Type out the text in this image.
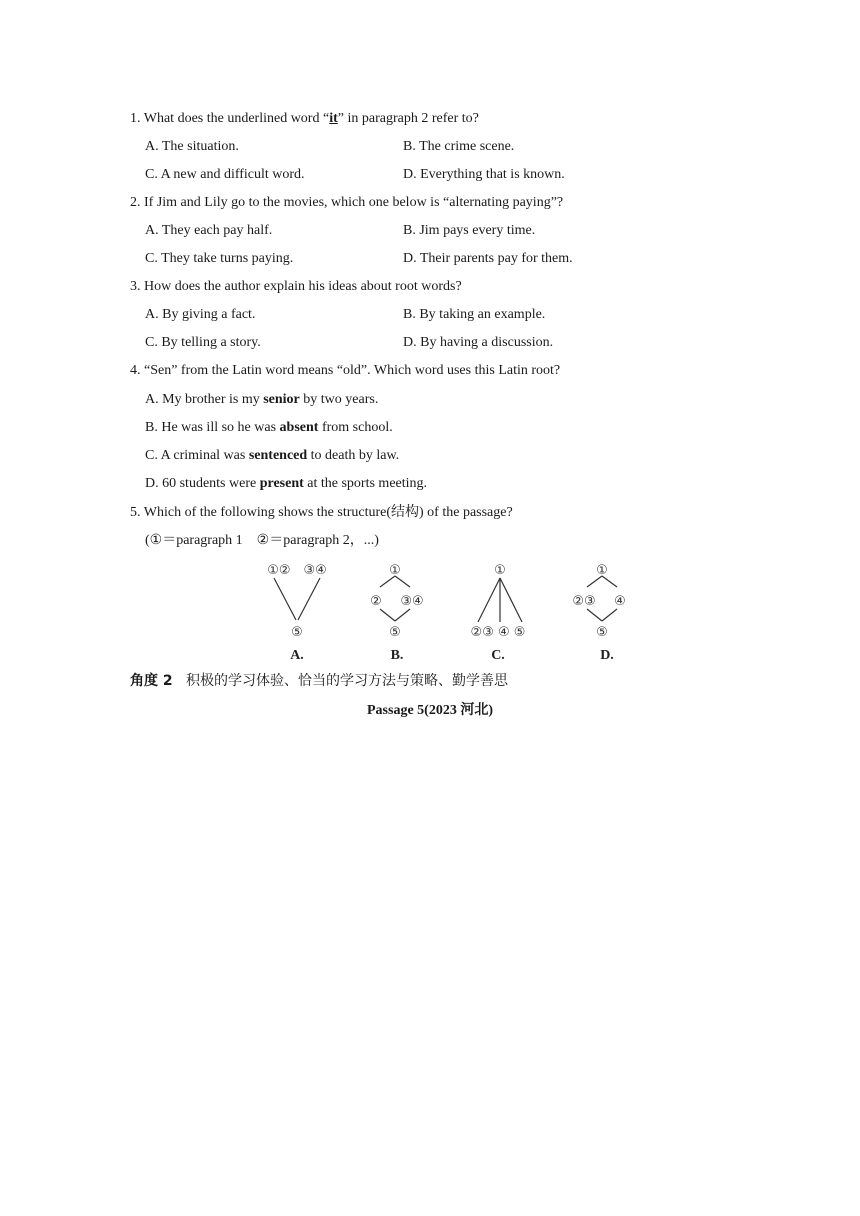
1. What does the underlined word “it” in paragraph 2 refer to?
A. The situation.	B. The crime scene.
C. A new and difficult word.	D. Everything that is known.
2. If Jim and Lily go to the movies, which one below is “alternating paying”?
A. They each pay half.	B. Jim pays every time.
C. They take turns paying.	D. Their parents pay for them.
3. How does the author explain his ideas about root words?
A. By giving a fact.	B. By taking an example.
C. By telling a story.	D. By having a discussion.
4. “Sen” from the Latin word means “old”. Which word uses this Latin root?
A. My brother is my senior by two years.
B. He was ill so he was absent from school.
C. A criminal was sentenced to death by law.
D. 60 students were present at the sports meeting.
5. Which of the following shows the structure(结构) of the passage?
(①＝paragraph 1　②＝paragraph 2，...)
①②　③④
⑤
A.
①
② ③④
⑤
B.
①
②③ ④ ⑤
C.
①
②③ ④
⑤
D.
角度 2 积极的学习体验、恰当的学习方法与策略、勤学善思
Passage 5(2023 河北)
